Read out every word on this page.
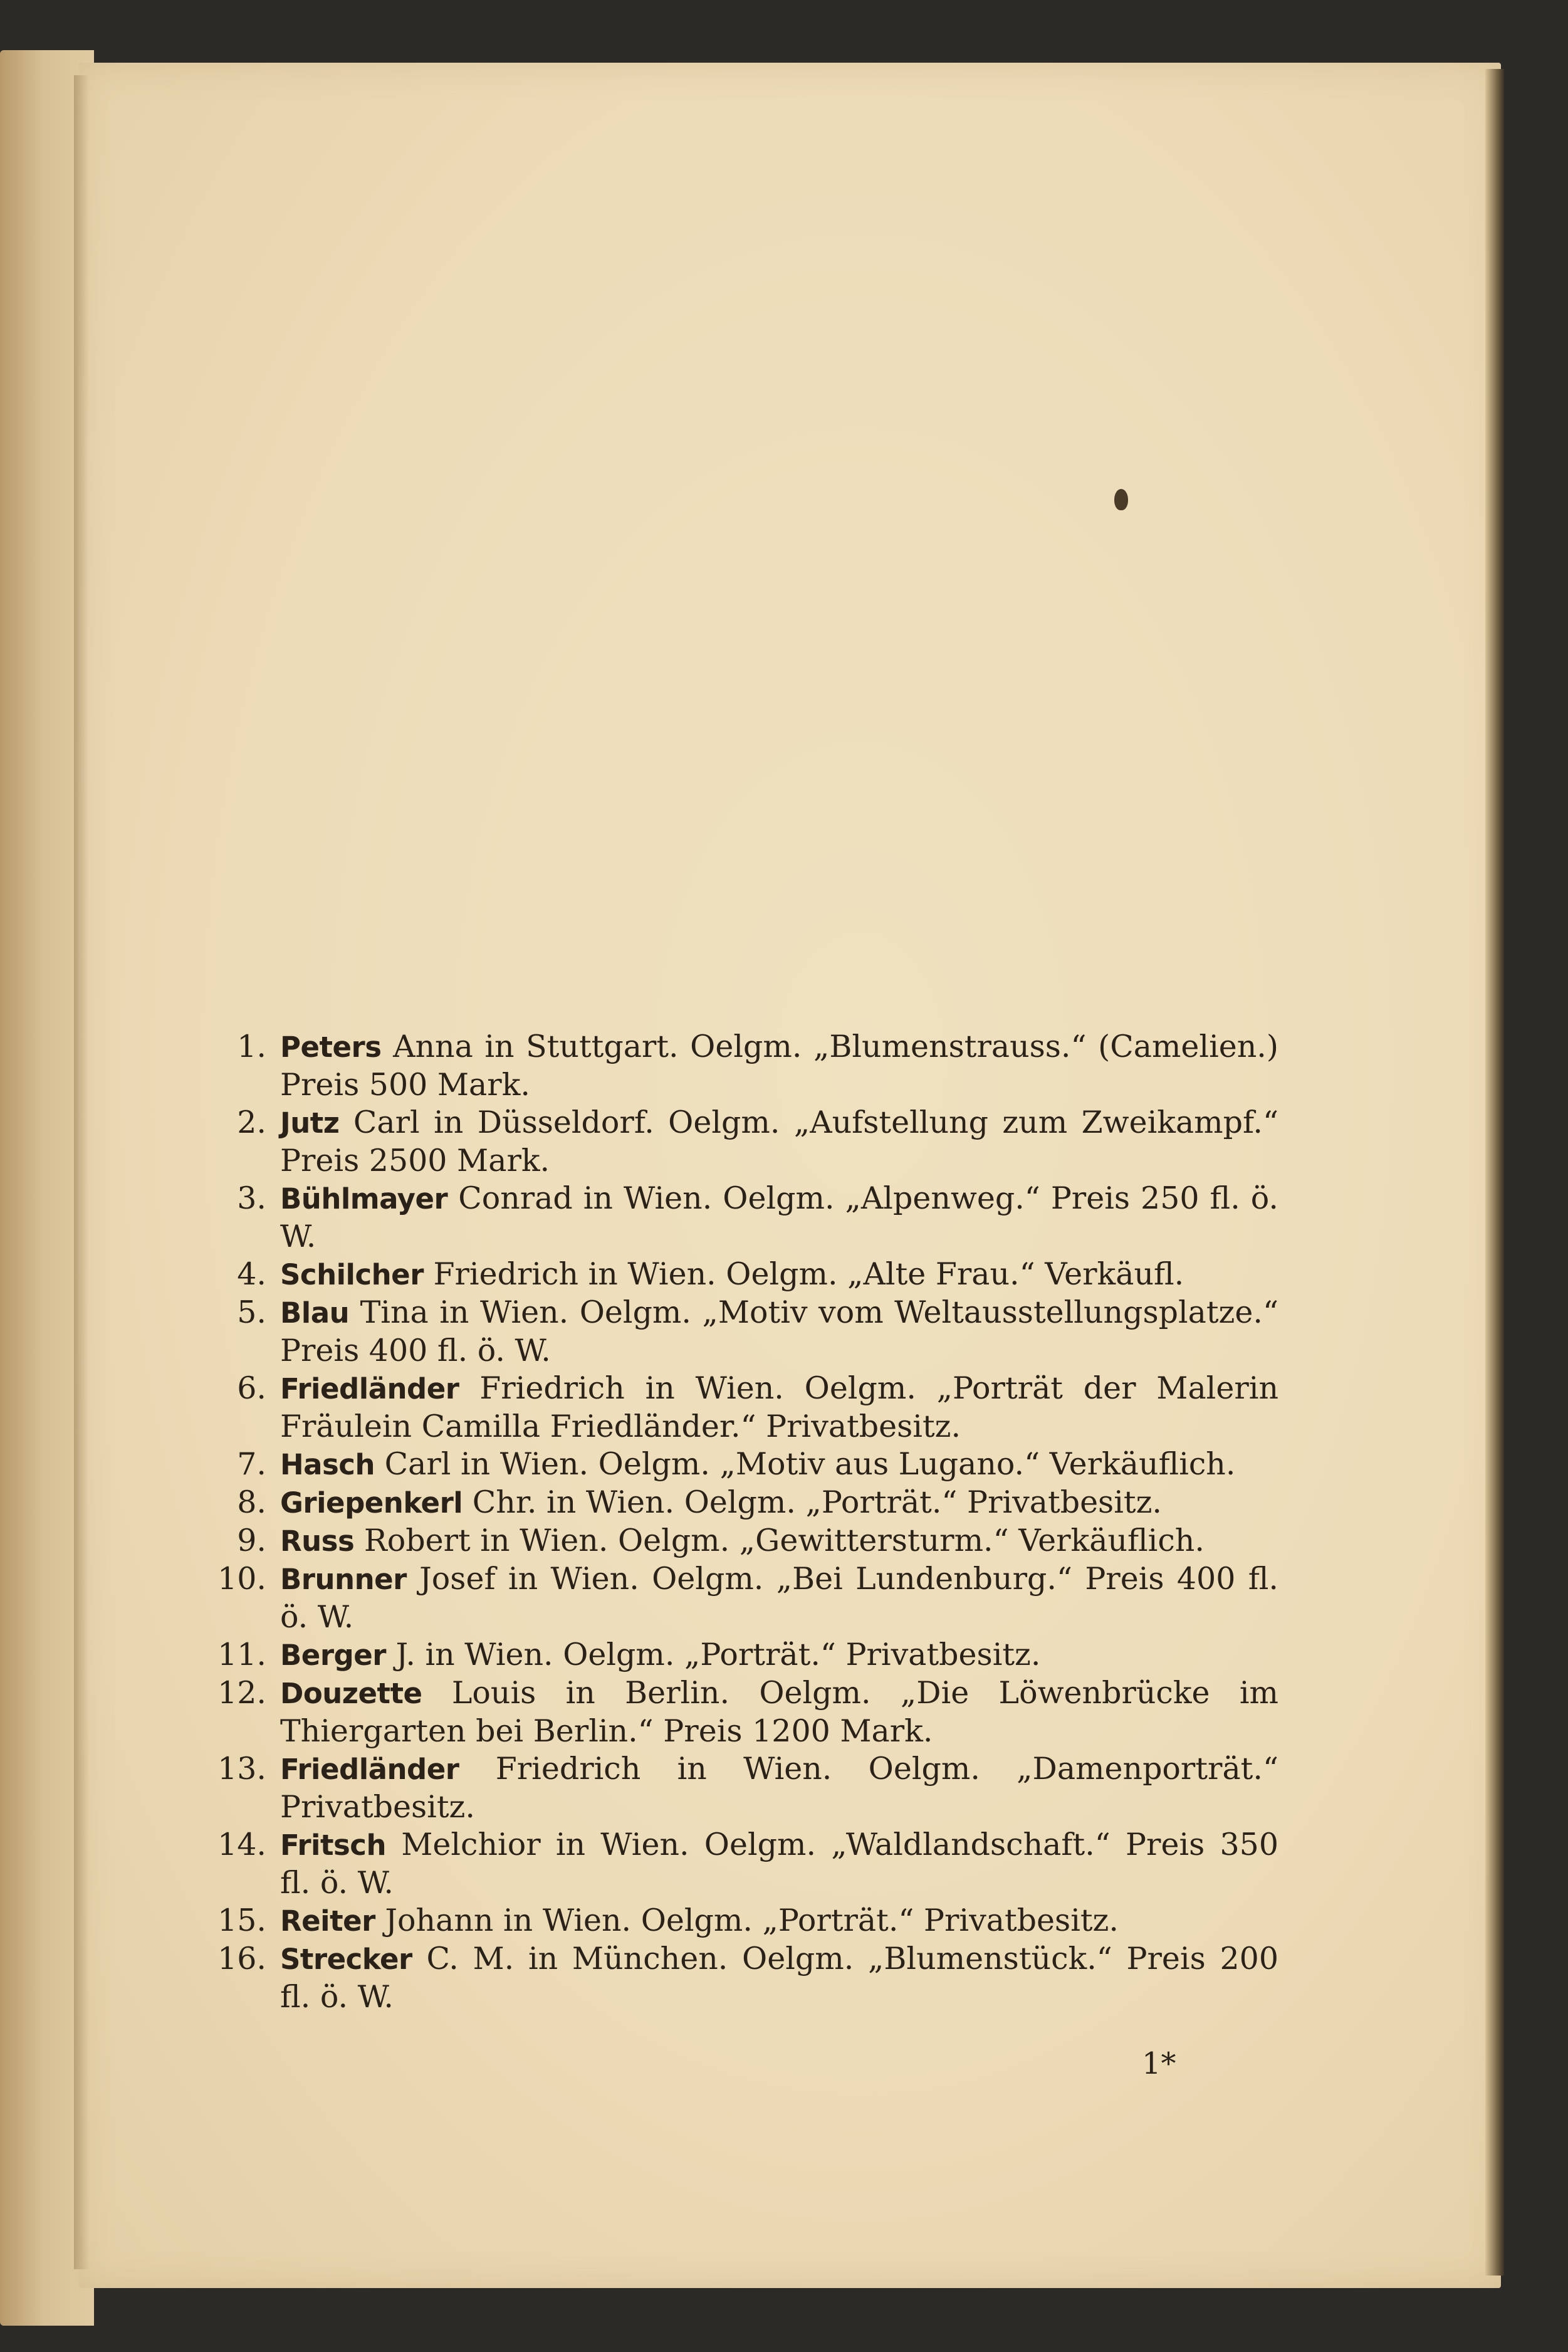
1. Peters Anna in Stuttgart. Oelgm. „Blumenstrauss.“ (Camelien.) Preis 500 Mark.
2. Jutz Carl in Düsseldorf. Oelgm. „Aufstellung zum Zweikampf.“ Preis 2500 Mark.
3. Bühlmayer Conrad in Wien. Oelgm. „Alpenweg.“ Preis 250 fl. ö. W.
4. Schilcher Friedrich in Wien. Oelgm. „Alte Frau.“ Verkäufl.
5. Blau Tina in Wien. Oelgm. „Motiv vom Weltausstellungsplatze.“ Preis 400 fl. ö. W.
6. Friedländer Friedrich in Wien. Oelgm. „Porträt der Malerin Fräulein Camilla Friedländer.“ Privatbesitz.
7. Hasch Carl in Wien. Oelgm. „Motiv aus Lugano.“ Verkäuflich.
8. Griepenkerl Chr. in Wien. Oelgm. „Porträt.“ Privatbesitz.
9. Russ Robert in Wien. Oelgm. „Gewittersturm.“ Verkäuflich.
10. Brunner Josef in Wien. Oelgm. „Bei Lundenburg.“ Preis 400 fl. ö. W.
11. Berger J. in Wien. Oelgm. „Porträt.“ Privatbesitz.
12. Douzette Louis in Berlin. Oelgm. „Die Löwenbrücke im Thiergarten bei Berlin.“ Preis 1200 Mark.
13. Friedländer Friedrich in Wien. Oelgm. „Damenporträt.“ Privatbesitz.
14. Fritsch Melchior in Wien. Oelgm. „Waldlandschaft.“ Preis 350 fl. ö. W.
15. Reiter Johann in Wien. Oelgm. „Porträt.“ Privatbesitz.
16. Strecker C. M. in München. Oelgm. „Blumenstück.“ Preis 200 fl. ö. W.
1*
